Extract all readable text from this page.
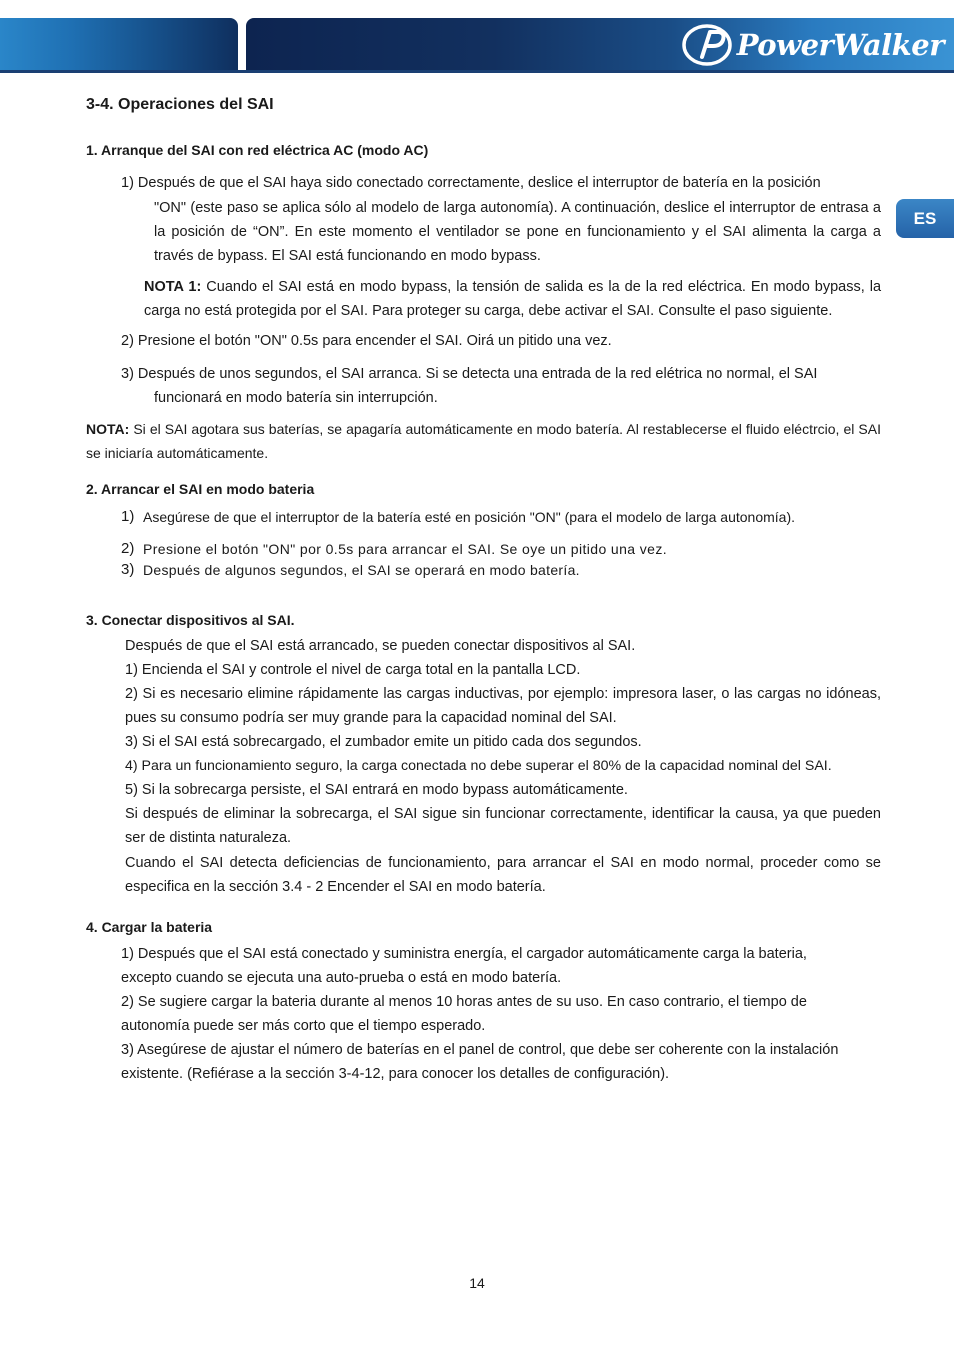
PowerWalker
ES
3-4. Operaciones del SAI
1. Arranque del SAI con red eléctrica AC (modo AC)
1) Después de que el SAI haya sido conectado correctamente, deslice el interruptor de batería en la posición
"ON" (este paso se aplica sólo al modelo de larga autonomía). A continuación, deslice el interruptor de entrasa a la posición de “ON”. En este momento el ventilador se pone en funcionamiento y el SAI alimenta la carga a través de bypass. El SAI está funcionando en modo bypass.
NOTA 1: Cuando el SAI está en modo bypass, la tensión de salida es la de la red eléctrica. En modo bypass, la carga no está protegida por el SAI. Para proteger su carga, debe activar el SAI. Consulte el paso siguiente.
2) Presione el botón "ON" 0.5s para encender el SAI. Oirá un pitido una vez.
3) Después de unos segundos, el SAI arranca. Si se detecta una entrada de la red elétrica no normal, el SAI
funcionará en modo batería sin interrupción.
NOTA: Si el SAI agotara sus baterías, se apagaría automáticamente en modo batería. Al restablecerse el fluido eléctrcio, el SAI se iniciaría automáticamente.
2. Arrancar el SAI en modo bateria
1) Asegúrese de que el interruptor de la batería esté en posición "ON" (para el modelo de larga autonomía).
2) Presione el botón "ON" por 0.5s para arrancar el SAI. Se oye un pitido una vez.
3) Después de algunos segundos, el SAI se operará en modo batería.
3. Conectar dispositivos al SAI.
Después de que el SAI está arrancado, se pueden conectar dispositivos al SAI.
1) Encienda el SAI y controle el nivel de carga total en la pantalla LCD.
2) Si es necesario elimine rápidamente las cargas inductivas, por ejemplo: impresora laser, o las cargas no idóneas, pues su consumo podría ser muy grande para la capacidad nominal del SAI.
3) Si el SAI está sobrecargado, el zumbador emite un pitido cada dos segundos.
4) Para un funcionamiento seguro, la carga conectada no debe superar el 80% de la capacidad nominal del SAI.
5) Si la sobrecarga persiste, el SAI entrará en modo bypass automáticamente.
Si después de eliminar la sobrecarga, el SAI sigue sin funcionar correctamente, identificar la causa, ya que pueden ser de distinta naturaleza.
Cuando el SAI detecta deficiencias de funcionamiento, para arrancar el SAI en modo normal, proceder como se especifica en la sección 3.4 - 2 Encender el SAI en modo batería.
4. Cargar la bateria
1) Después que el SAI está conectado y suministra energía, el cargador automáticamente carga la bateria, excepto cuando se ejecuta una auto-prueba o está en modo batería.
2) Se sugiere cargar la bateria durante al menos 10 horas antes de su uso. En caso contrario, el tiempo de autonomía puede ser más corto que el tiempo esperado.
3) Asegúrese de ajustar el número de baterías en el panel de control, que debe ser coherente con la instalación existente. (Refiérase a la sección 3-4-12, para conocer los detalles de configuración).
14
